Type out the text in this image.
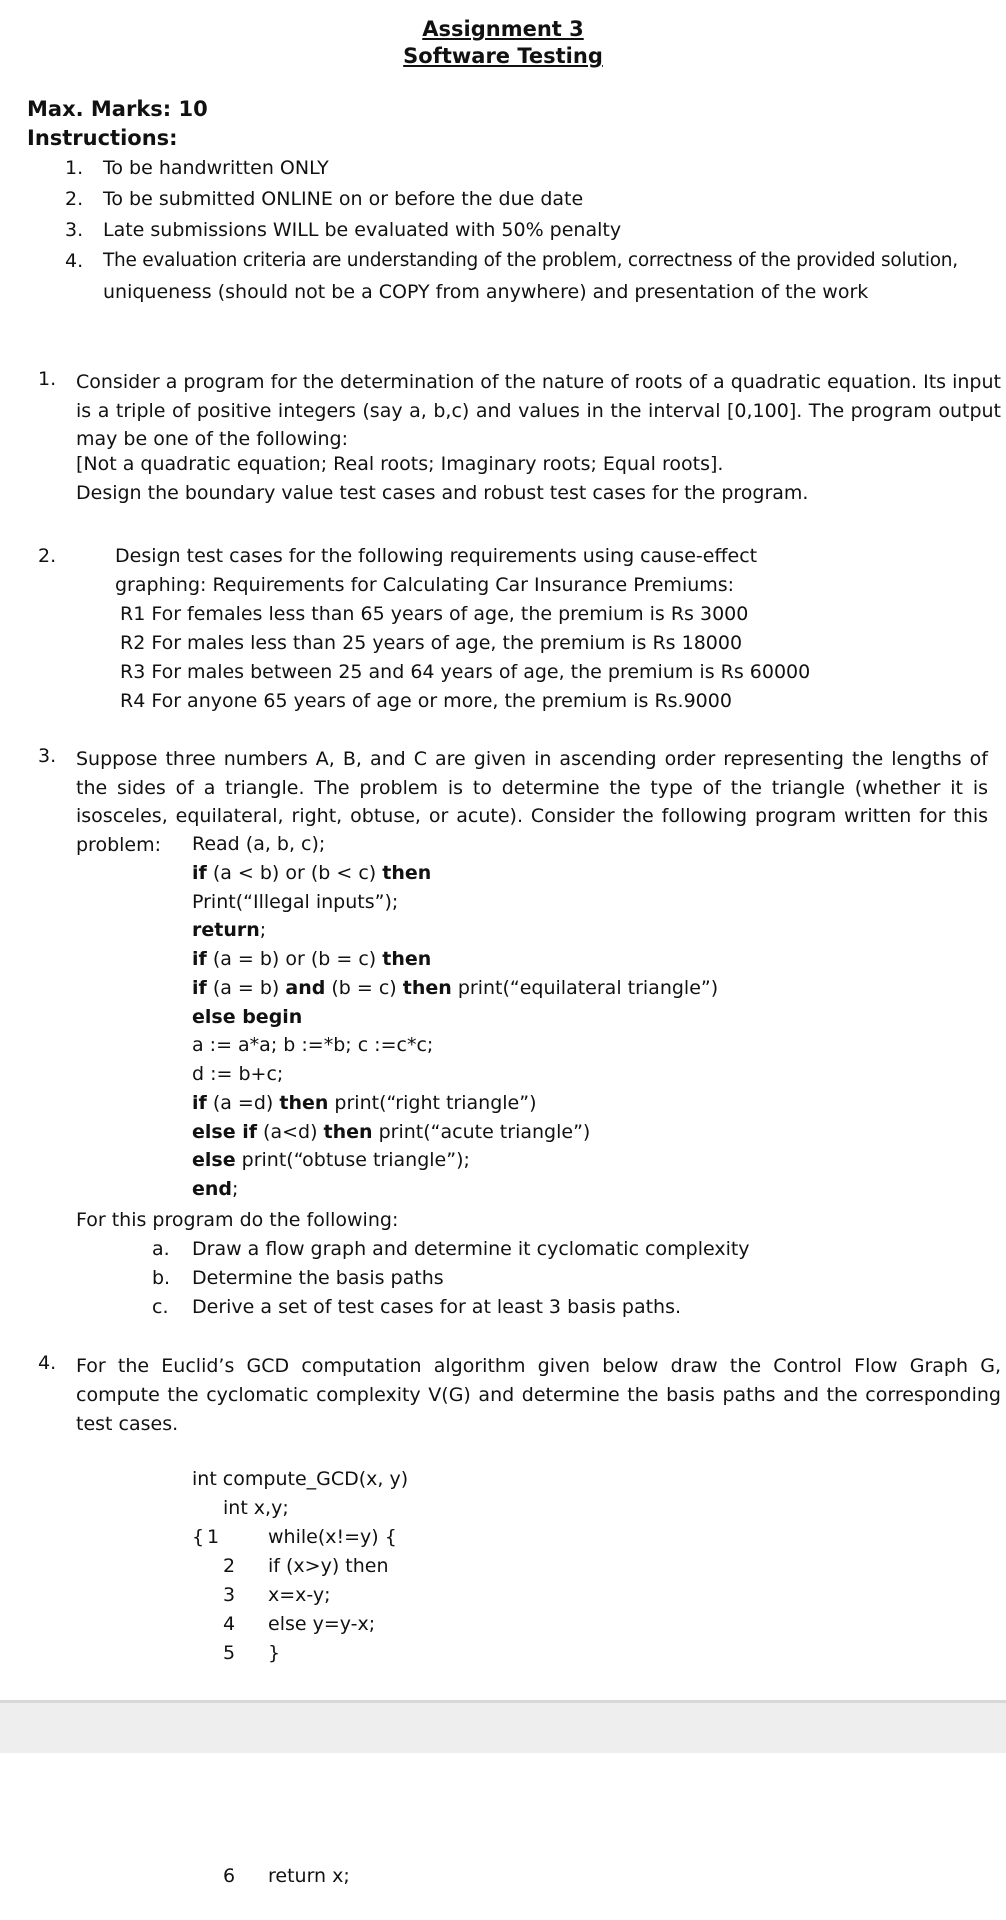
Assignment 3
Software Testing
Max. Marks: 10
Instructions:
1. To be handwritten ONLY
2. To be submitted ONLINE on or before the due date
3. Late submissions WILL be evaluated with 50% penalty
4. The evaluation criteria are understanding of the problem, correctness of the provided solution,
uniqueness (should not be a COPY from anywhere) and presentation of the work
1. Consider a program for the determination of the nature of roots of a quadratic equation. Its input is a triple of positive integers (say a, b,c) and values in the interval [0,100]. The program output may be one of the following:
[Not a quadratic equation; Real roots; Imaginary roots; Equal roots].
Design the boundary value test cases and robust test cases for the program.
2.	Design test cases for the following requirements using cause-effect
graphing: Requirements for Calculating Car Insurance Premiums:
R1 For females less than 65 years of age, the premium is Rs 3000
R2 For males less than 25 years of age, the premium is Rs 18000
R3 For males between 25 and 64 years of age, the premium is Rs 60000
R4 For anyone 65 years of age or more, the premium is Rs.9000
3. Suppose three numbers A, B, and C are given in ascending order representing the lengths of the sides of a triangle. The problem is to determine the type of the triangle (whether it is isosceles, equilateral, right, obtuse, or acute). Consider the following program written for this problem:	Read (a, b, c);
if (a < b) or (b < c) then
Print(“Illegal inputs”);
return;
if (a = b) or (b = c) then
if (a = b) and (b = c) then print(“equilateral triangle”)
else begin
a := a*a; b :=*b; c :=c*c;
d := b+c;
if (a =d) then print(“right triangle”)
else if (a<d) then print(“acute triangle”)
else print(“obtuse triangle”);
end;
For this program do the following:
a. Draw a flow graph and determine it cyclomatic complexity
b. Determine the basis paths
c. Derive a set of test cases for at least 3 basis paths.
4. For the Euclid’s GCD computation algorithm given below draw the Control Flow Graph G, compute the cyclomatic complexity V(G) and determine the basis paths and the corresponding test cases.
int compute_GCD(x, y)
int x,y;
{ 1	while(x!=y) {
2 if (x>y) then
3 x=x-y;
4 else y=y-x;
5 }
6 return x;
